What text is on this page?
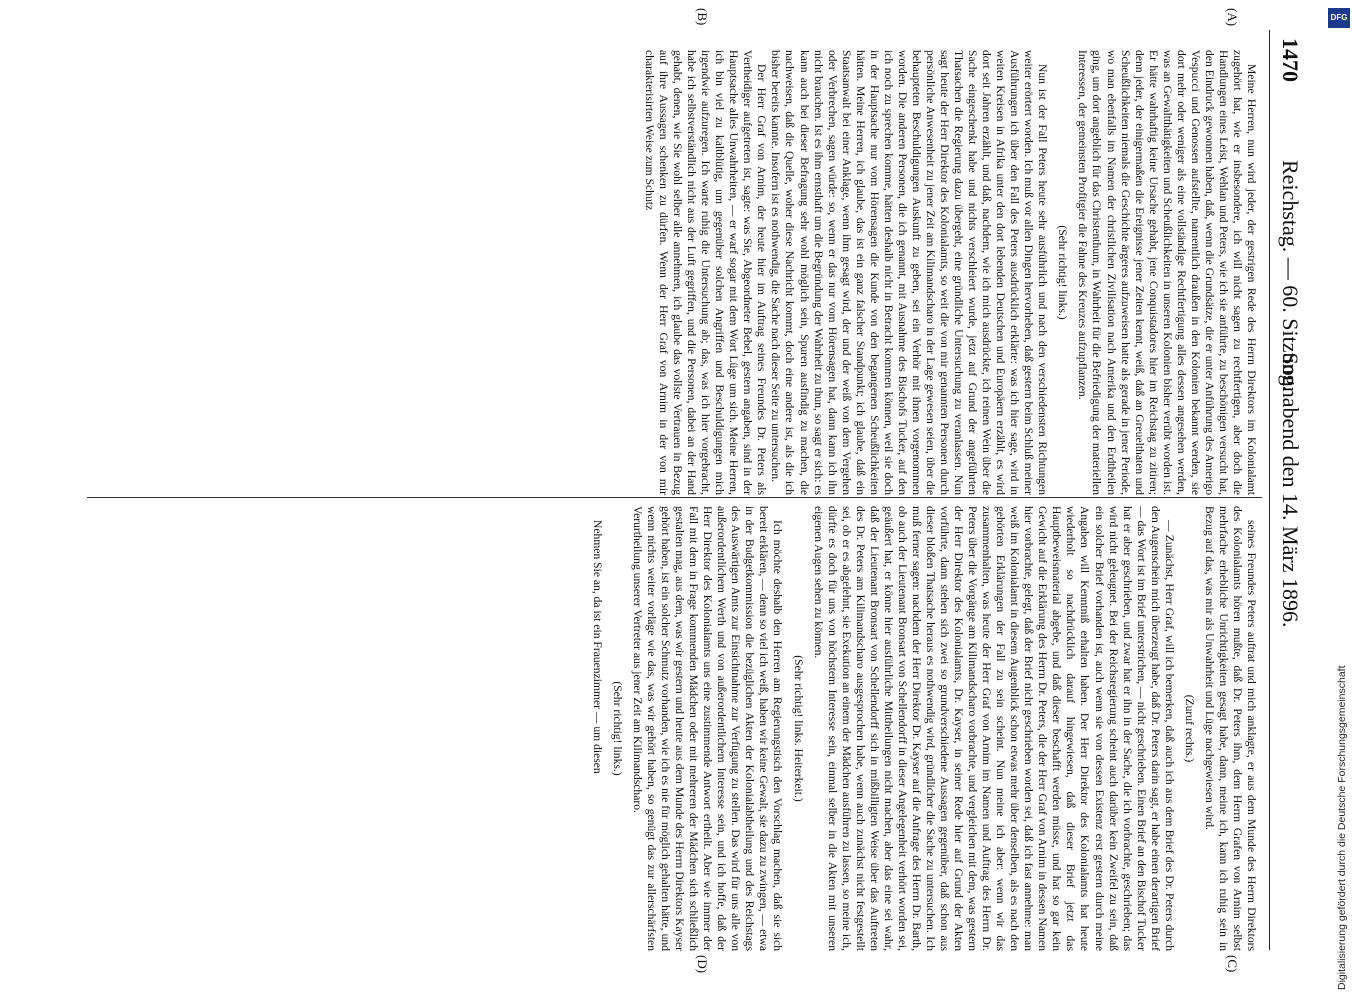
1470
Reichstag. — 60. Sitzung.
Sonnabend den 14. März 1896.
(A)
(B)
(C)
(D)

Meine Herren, nun wird jeder, der gestrigen Rede des Herrn Direktors im Kolonialamt zugehört hat, wie er insbesondere, ich will nicht sagen zu rechtfertigen, aber doch die Handlungen eines Leist, Wehlan und Peters, wie ich sie anführte, zu beschönigen versucht hat, den Eindruck gewonnen haben, daß, wenn die Grundsätze, die er unter Anführung des Amerigo Vespucci und Genossen aufstellte, namentlich draußen in den Kolonien bekannt werden, sie dort mehr oder weniger als eine vollständige Rechtfertigung alles dessen angesehen werden, was an Gewaltthätigkeiten und Scheußlichkeiten in unseren Kolonien bisher verübt worden ist. Er hätte wahrhaftig keine Ursache gehabt, jene Conquistadores hier im Reichstag zu zitiren; denn jeder, der einigermaßen die Ereignisse jener Zeiten kennt, weiß, daß an Greuelthaten und Scheußlichkeiten niemals die Geschichte ärgeres aufzuweisen hatte als gerade in jener Periode, wo man ebenfalls im Namen der christlichen Zivilisation nach Amerika und den Erdtheilen ging, um dort angeblich für das Christenthum, in Wahrheit für die Befriedigung der materiellen Interessen, der gemeinsten Profitgier die Fahne des Kreuzes aufzupflanzen.

(Sehr richtig! links.)

Nun ist der Fall Peters heute sehr ausführlich und nach den verschiedensten Richtungen weiter erörtert worden. Ich muß vor allen Dingen hervorheben, daß gestern beim Schluß meiner Ausführungen ich über den Fall des Peters ausdrücklich erklärte: was ich hier sage, wird in weiten Kreisen in Afrika unter den dort lebenden Deutschen und Europäern erzählt, es wird dort seit Jahren erzählt, und daß, nachdem, wie ich mich ausdrückte, ich reinen Wein über die Sache eingeschenkt habe und nichts verschleiert wurde, jetzt auf Grund der angeführten Thatsachen die Regierung dazu übergeht, eine gründliche Untersuchung zu veranlassen. Nun sagt heute der Herr Direktor des Kolonialamts, so weit die von mir genannten Personen durch persönliche Anwesenheit zu jener Zeit am Kilimandscharo in der Lage gewesen seien, über die behaupteten Beschuldigungen Auskunft zu geben, sei ein Verhör mit ihnen vorgenommen worden. Die anderen Personen, die ich genannt, mit Ausnahme des Bischofs Tucker, auf den ich noch zu sprechen komme, hätten deshalb nicht in Betracht kommen können, weil sie doch in der Hauptsache nur vom Hörensagen die Kunde von den begangenen Scheußlichkeiten hätten. Meine Herren, ich glaube, das ist ein ganz falscher Standpunkt; ich glaube, daß ein Staatsanwalt bei einer Anklage, wenn ihm gesagt wird, der und der weiß von dem Vergehen oder Verbrechen, sagen würde: so, wenn er das nur vom Hörensagen hat, dann kann ich ihn nicht brauchen. Ist es ihm ernsthaft um die Begründung der Wahrheit zu thun, so sagt er sich: es kann auch bei dieser Befragung sehr wohl möglich sein, Spuren ausfindig zu machen, die nachweisen, daß die Quelle, woher diese Nachricht kommt, doch eine andere ist, als die ich bisher bereits kannte. Insofern ist es nothwendig, die Sache nach dieser Seite zu untersuchen.

Der Herr Graf von Arnim, der heute hier im Auftrag seines Freundes Dr. Peters als Vertheidiger aufgetreten ist, sagte: was Sie, Abgeordneter Bebel, gestern angaben, sind in der Hauptsache alles Unwahrheiten, — er warf sogar mit dem Wort Lüge um sich. Meine Herren, ich bin viel zu kaltblütig, um gegenüber solchen Angriffen und Beschuldigungen mich irgendwie aufzuregen. Ich warte ruhig die Untersuchung ab; das, was ich hier vorgebracht, habe ich selbstverständlich nicht aus der Luft gegriffen, und die Personen, dabei an der Hand gehabt, denen, wie Sie wohl selber alle annehmen, ich glaube das vollste Vertrauen in Bezug auf ihre Aussagen schenken zu dürfen. Wenn der Herr Graf von Arnim in der von mir charakterisirten Weise zum Schutz

seines Freundes Peters auftrat und mich anklagte, er aus dem Munde des Herrn Direktors des Kolonialamts hören mußte, daß Dr. Peters ihm, dem Herrn Grafen von Arnim selbst mehrfache erhebliche Unrichtigkeiten gesagt habe, dann, meine ich, kann ich ruhig sein in Bezug auf das, was mir als Unwahrheit und Lüge nachgewiesen wird.

(Zuruf rechts.)

— Zunächst, Herr Graf, will ich bemerken, daß auch ich aus dem Brief des Dr. Peters durch den Augenschein mich überzeugt habe, daß Dr. Peters darin sagt, er habe einen derartigen Brief — das Wort ist im Brief unterstrichen, — nicht geschrieben. Einen Brief an den Bischof Tucker hat er aber geschrieben, und zwar hat er ihn in der Sache, die ich vorbrachte, geschrieben; das wird nicht geleugnet. Bei der Reichsregierung scheint auch darüber kein Zweifel zu sein, daß ein solcher Brief vorhanden ist, auch wenn sie von dessen Existenz erst gestern durch meine Angaben will Kenntniß erhalten haben. Der Herr Direktor des Kolonialamts hat heute wiederholt so nachdrücklich darauf hingewiesen, daß dieser Brief jetzt das Hauptbeweismaterial abgebe, und daß dieser beschafft werden müsse, und hat so gar kein Gewicht auf die Erklärung des Herrn Dr. Peters, die der Herr Graf von Arnim in dessen Namen hier vorbrachte, gelegt, daß der Brief nicht geschrieben worden sei, daß ich fast annehme: man weiß im Kolonialamt in diesem Augenblick schon etwas mehr über denselben, als es nach den gehörten Erklärungen der Fall zu sein scheint. Nun meine ich aber: wenn wir das zusammenhalten, was heute der Herr Graf von Arnim im Namen und Auftrag des Herrn Dr. Peters über die Vorgänge am Kilimandscharo vorbrachte, und vergleichen mit dem, was gestern der Herr Direktor des Kolonialamts, Dr. Kayser, in seiner Rede hier auf Grund der Akten vorführte, dann stehen sich zwei so grundverschiedene Aussagen gegenüber, daß schon aus dieser bloßen Thatsache heraus es nothwendig wird, gründlicher die Sache zu untersuchen. Ich muß ferner sagen: nachdem der Herr Direktor Dr. Kayser auf die Anfrage des Herrn Dr. Barth, ob auch der Lieutenant Bronsart von Schellendorff in dieser Angelegenheit verhört worden sei, geäußert hat, er könne hier ausführliche Mittheilungen nicht machen, aber das eine sei wahr, daß der Lieutenant Bronsart von Schellendorff sich in mißbilligten Weise über das Auftreten des Dr. Peters am Kilimandscharo ausgesprochen habe, wenn auch zunächst nicht festgestellt sei, ob er es abgelehnt, sie Exekution an einem der Mädchen ausführen zu lassen, so meine ich, dürfte es doch für uns von höchstem Interesse sein, einmal selber in die Akten mit unseren eigenen Augen sehen zu können.

(Sehr richtig! links. Heiterkeit.)

Ich möchte deshalb den Herren am Regierungstisch den Vorschlag machen, daß sie sich bereit erklären, — denn so viel ich weiß, haben wir keine Gewalt, sie dazu zu zwingen, — etwa in der Budgetkommission die bezüglichen Akten der Kolonialabtheilung und des Reichstags des Auswärtigen Amts zur Einsichtnahme zur Verfügung zu stellen. Das wird für uns alle von außerordentlichem Werth und von außerordentlichem Interesse sein, und ich hoffe, daß der Herr Direktor des Kolonialamts uns eine zustimmende Antwort ertheilt. Aber wie immer der Fall mit dem in Frage kommenden Mädchen oder mit mehreren der Mädchen sich schließlich gestalten mag, aus dem, was wir gestern und heute aus dem Munde des Herrn Direktors Kayser gehört haben, ist ein solcher Schmutz vorhanden, wie ich es nie für möglich gehalten hätte, und wenn nichts weiter vorläge wie das, was wir gehört haben, so genügt das zur allerschärfsten Verurtheilung unserer Vertreter aus jener Zeit am Kilimandscharo.

(Sehr richtig! links.)

Nehmen Sie an, da ist ein Frauenzimmer — um diesen

DFG
Digitalisierung gefördert durch die Deutsche Forschungsgemeinschaft
